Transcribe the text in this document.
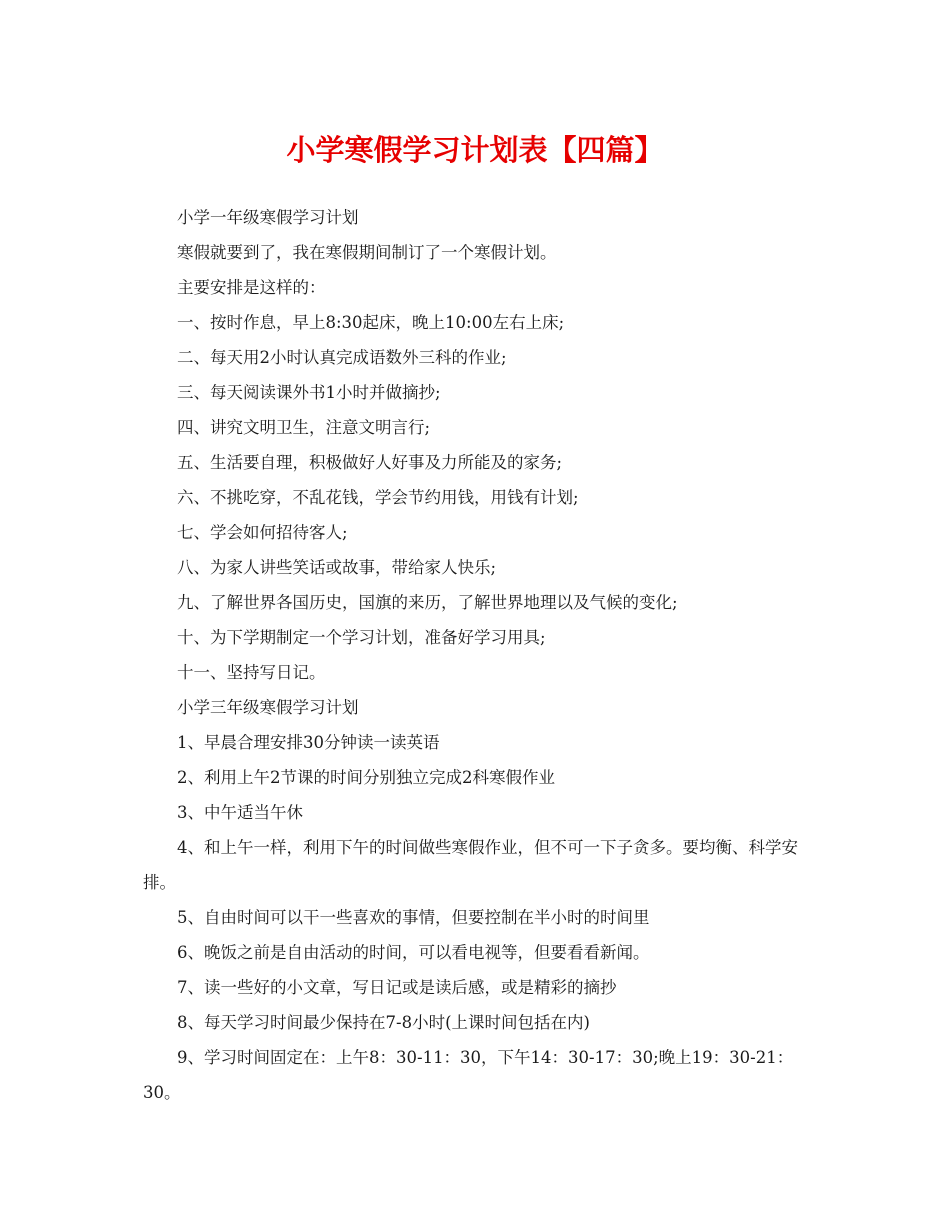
小学寒假学习计划表【四篇】

小学一年级寒假学习计划

寒假就要到了，我在寒假期间制订了一个寒假计划。

主要安排是这样的：

一、按时作息，早上8:30起床，晚上10:00左右上床;

二、每天用2小时认真完成语数外三科的作业;

三、每天阅读课外书1小时并做摘抄;

四、讲究文明卫生，注意文明言行;

五、生活要自理，积极做好人好事及力所能及的家务;

六、不挑吃穿，不乱花钱，学会节约用钱，用钱有计划;

七、学会如何招待客人;

八、为家人讲些笑话或故事，带给家人快乐;

九、了解世界各国历史，国旗的来历，了解世界地理以及气候的变化;

十、为下学期制定一个学习计划，准备好学习用具;

十一、坚持写日记。

小学三年级寒假学习计划

1、早晨合理安排30分钟读一读英语

2、利用上午2节课的时间分别独立完成2科寒假作业

3、中午适当午休

4、和上午一样，利用下午的时间做些寒假作业，但不可一下子贪多。要均衡、科学安排。

5、自由时间可以干一些喜欢的事情，但要控制在半小时的时间里

6、晚饭之前是自由活动的时间，可以看电视等，但要看看新闻。

7、读一些好的小文章，写日记或是读后感，或是精彩的摘抄

8、每天学习时间最少保持在7-8小时(上课时间包括在内)

9、学习时间固定在：上午8：30-11：30，下午14：30-17：30;晚上19：30-21：30。
